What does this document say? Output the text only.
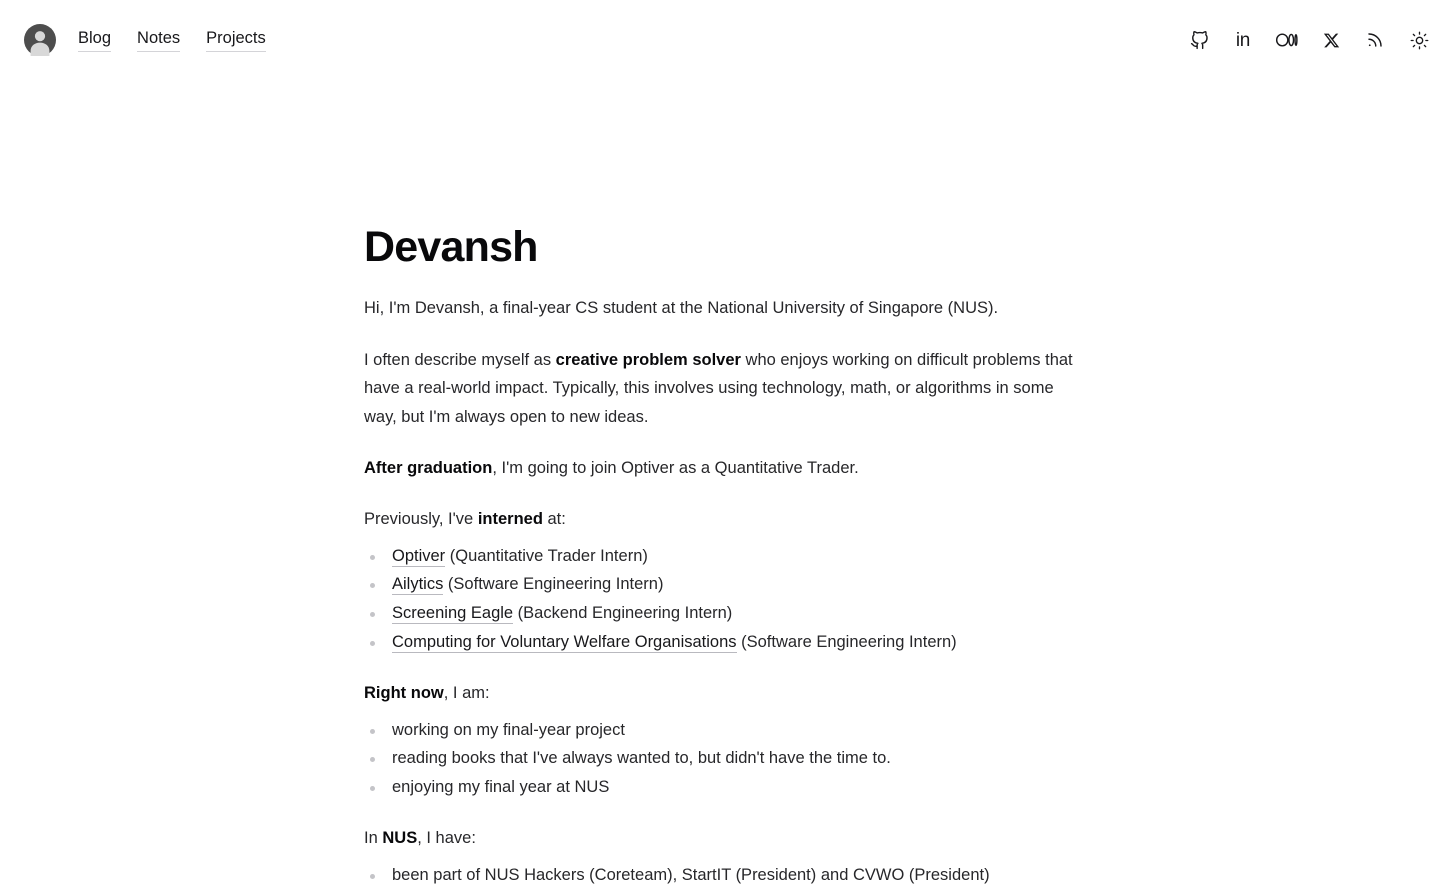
Blog Notes Projects	in
Devansh

Hi, I'm Devansh, a final-year CS student at the National University of Singapore (NUS).

I often describe myself as creative problem solver who enjoys working on difficult problems that have a real-world impact. Typically, this involves using technology, math, or algorithms in some way, but I'm always open to new ideas.

After graduation, I'm going to join Optiver as a Quantitative Trader.

Previously, I've interned at:

Optiver (Quantitative Trader Intern)
Ailytics (Software Engineering Intern)
Screening Eagle (Backend Engineering Intern)
Computing for Voluntary Welfare Organisations (Software Engineering Intern)

Right now, I am:

working on my final-year project
reading books that I've always wanted to, but didn't have the time to.
enjoying my final year at NUS

In NUS, I have:

been part of NUS Hackers (Coreteam), StartIT (President) and CVWO (President)
